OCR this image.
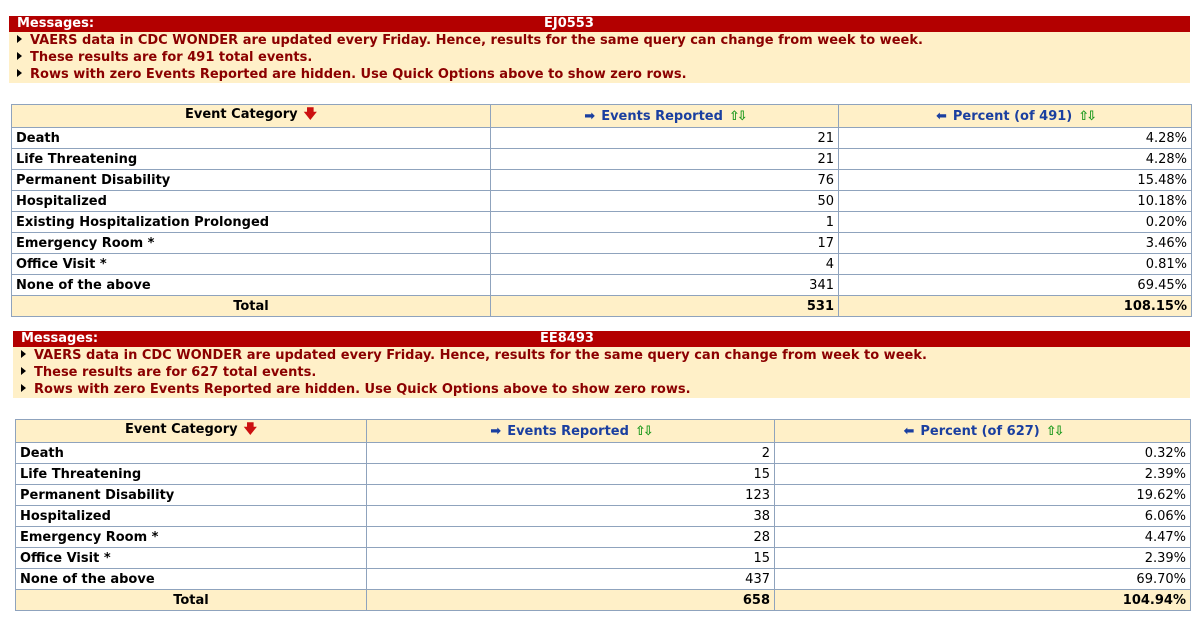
Messages:	EJ0553
VAERS data in CDC WONDER are updated every Friday. Hence, results for the same query can change from week to week.
These results are for 491 total events.
Rows with zero Events Reported are hidden. Use Quick Options above to show zero rows.
Event Category 🡇	➡ Events Reported ⇧⇩	⬅ Percent (of 491) ⇧⇩
Death	21	4.28%
Life Threatening	21	4.28%
Permanent Disability	76	15.48%
Hospitalized	50	10.18%
Existing Hospitalization Prolonged	1	0.20%
Emergency Room *	17	3.46%
Office Visit *	4	0.81%
None of the above	341	69.45%
Total	531	108.15%
Messages:	EE8493
VAERS data in CDC WONDER are updated every Friday. Hence, results for the same query can change from week to week.
These results are for 627 total events.
Rows with zero Events Reported are hidden. Use Quick Options above to show zero rows.
Event Category 🡇	➡ Events Reported ⇧⇩	⬅ Percent (of 627) ⇧⇩
Death	2	0.32%
Life Threatening	15	2.39%
Permanent Disability	123	19.62%
Hospitalized	38	6.06%
Emergency Room *	28	4.47%
Office Visit *	15	2.39%
None of the above	437	69.70%
Total	658	104.94%
